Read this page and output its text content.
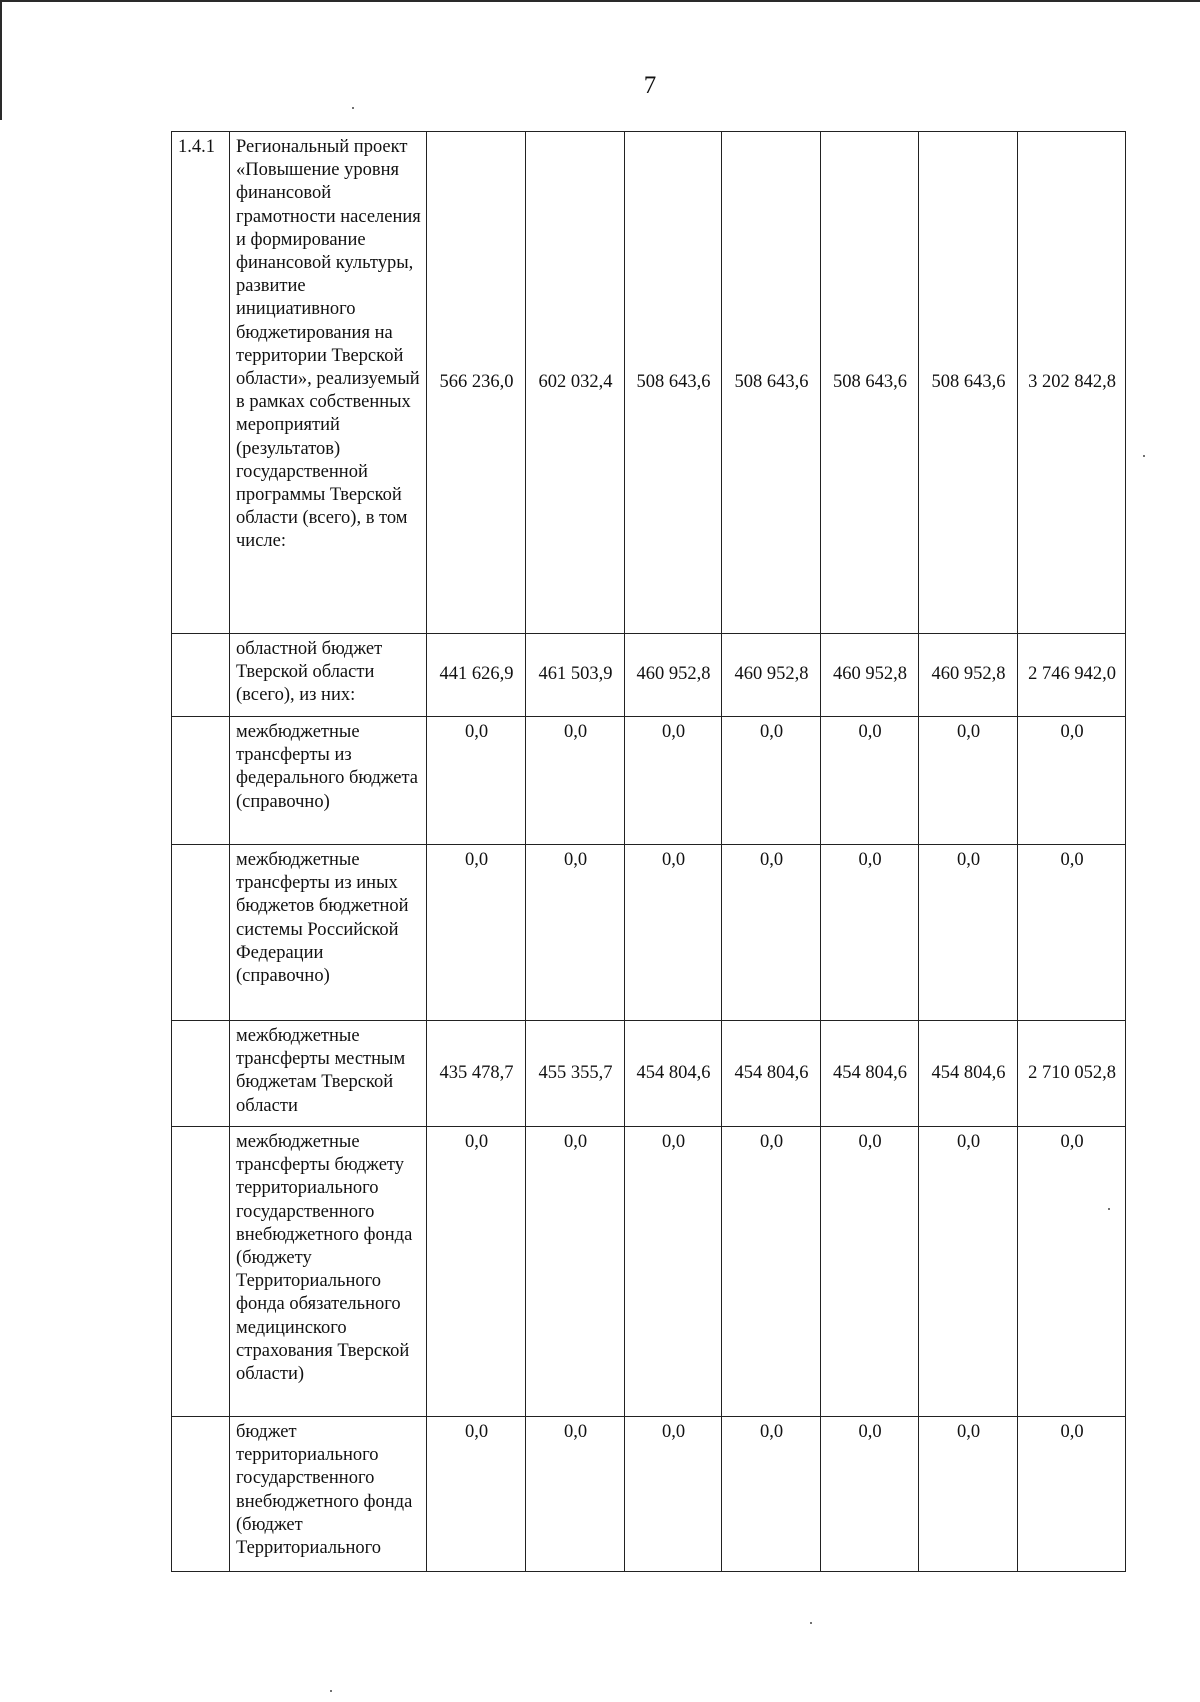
7
1.4.1	Региональный проект «Повышение уровня финансовой грамотности населения и формирование финансовой культуры, развитие инициативного бюджетирования на территории Тверской области», реализуемый в рамках собственных мероприятий (результатов) государственной программы Тверской области (всего), в том числе:	566 236,0	602 032,4	508 643,6	508 643,6	508 643,6	508 643,6	3 202 842,8
	областной бюджет Тверской области (всего), из них:	441 626,9	461 503,9	460 952,8	460 952,8	460 952,8	460 952,8	2 746 942,0
	межбюджетные трансферты из федерального бюджета (справочно)	0,0	0,0	0,0	0,0	0,0	0,0	0,0
	межбюджетные трансферты из иных бюджетов бюджетной системы Российской Федерации (справочно)	0,0	0,0	0,0	0,0	0,0	0,0	0,0
	межбюджетные трансферты местным бюджетам Тверской области	435 478,7	455 355,7	454 804,6	454 804,6	454 804,6	454 804,6	2 710 052,8
	межбюджетные трансферты бюджету территориального государственного внебюджетного фонда (бюджету Территориального фонда обязательного медицинского страхования Тверской области)	0,0	0,0	0,0	0,0	0,0	0,0	0,0
	бюджет территориального государственного внебюджетного фонда (бюджет Территориального	0,0	0,0	0,0	0,0	0,0	0,0	0,0
